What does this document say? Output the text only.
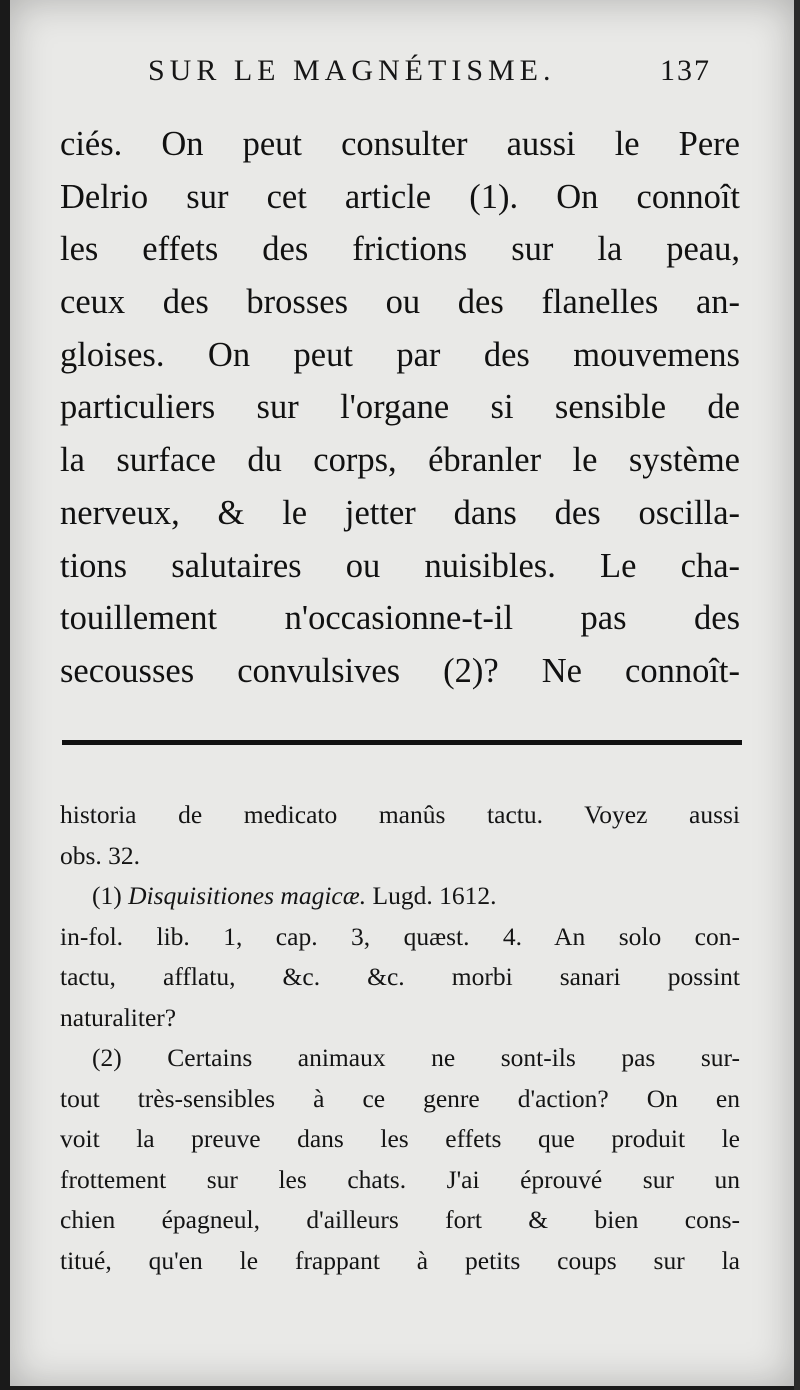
SUR LE MAGNÉTISME.	137
ciés. On peut consulter aussi le Pere
Delrio sur cet article (1). On connoît
les effets des frictions sur la peau,
ceux des brosses ou des flanelles an-
gloises. On peut par des mouvemens
particuliers sur l'organe si sensible de
la surface du corps, ébranler le système
nerveux, & le jetter dans des oscilla-
tions salutaires ou nuisibles. Le cha-
touillement n'occasionne-t-il pas des
secousses convulsives (2)? Ne connoît-
historia de medicato manûs tactu. Voyez aussi
obs. 32.
(1) Disquisitiones magicæ. Lugd. 1612.
in-fol. lib. 1, cap. 3, quæst. 4. An solo con-
tactu, afflatu, &c. &c. morbi sanari possint
naturaliter?
(2) Certains animaux ne sont-ils pas sur-
tout très-sensibles à ce genre d'action? On en
voit la preuve dans les effets que produit le
frottement sur les chats. J'ai éprouvé sur un
chien épagneul, d'ailleurs fort & bien cons-
titué, qu'en le frappant à petits coups sur la
